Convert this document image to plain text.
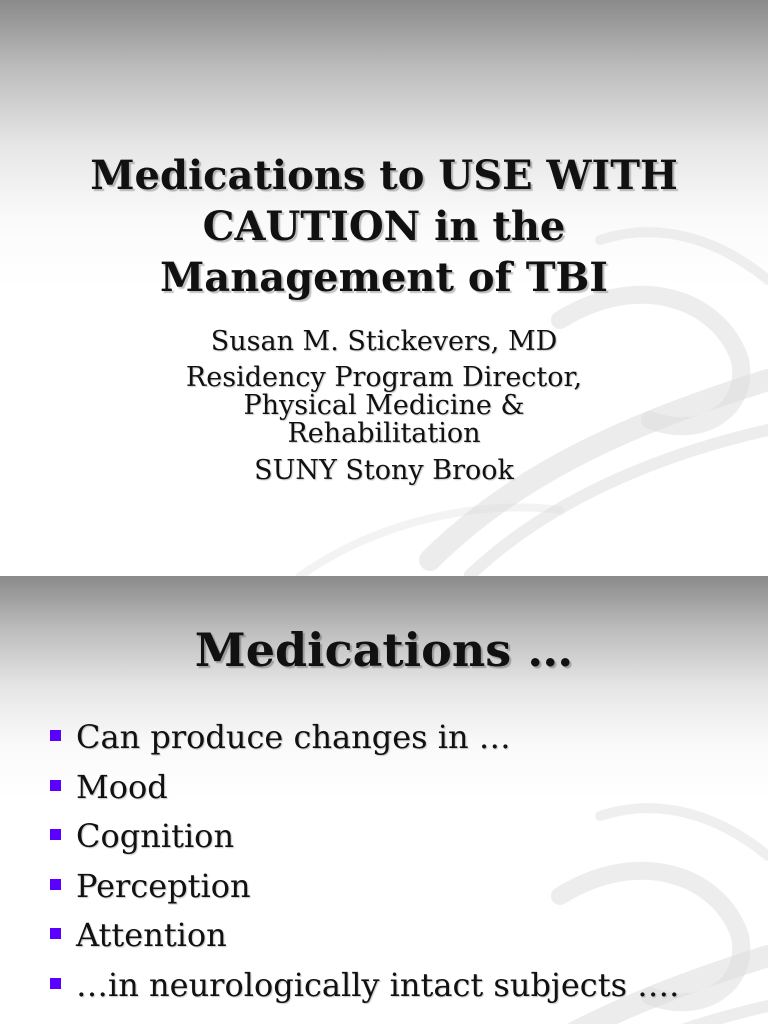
Medications to USE WITH
CAUTION in the
Management of TBI
Susan M. Stickevers, MD
Residency Program Director,
Physical Medicine &
Rehabilitation
SUNY Stony Brook
Medications …
Can produce changes in …
Mood
Cognition
Perception
Attention
…in neurologically intact subjects ….
